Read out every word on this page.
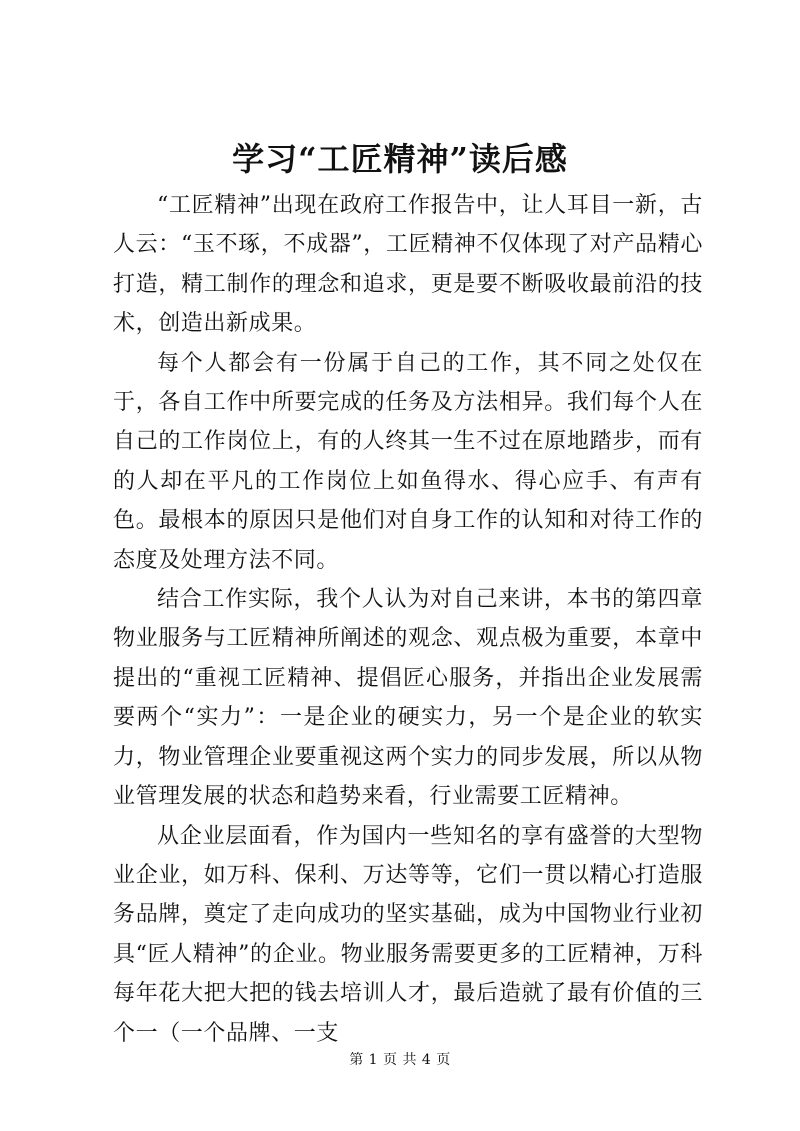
学习“工匠精神”读后感

“工匠精神”出现在政府工作报告中，让人耳目一新，古人云：“玉不琢，不成器”，工匠精神不仅体现了对产品精心打造，精工制作的理念和追求，更是要不断吸收最前沿的技术，创造出新成果。

每个人都会有一份属于自己的工作，其不同之处仅在于，各自工作中所要完成的任务及方法相异。我们每个人在自己的工作岗位上，有的人终其一生不过在原地踏步，而有的人却在平凡的工作岗位上如鱼得水、得心应手、有声有色。最根本的原因只是他们对自身工作的认知和对待工作的态度及处理方法不同。

结合工作实际，我个人认为对自己来讲，本书的第四章物业服务与工匠精神所阐述的观念、观点极为重要，本章中提出的“重视工匠精神、提倡匠心服务，并指出企业发展需要两个“实力”：一是企业的硬实力，另一个是企业的软实力，物业管理企业要重视这两个实力的同步发展，所以从物业管理发展的状态和趋势来看，行业需要工匠精神。

从企业层面看，作为国内一些知名的享有盛誉的大型物业企业，如万科、保利、万达等等，它们一贯以精心打造服务品牌，奠定了走向成功的坚实基础，成为中国物业行业初具“匠人精神”的企业。物业服务需要更多的工匠精神，万科每年花大把大把的钱去培训人才，最后造就了最有价值的三个一（一个品牌、一支

第 1 页 共 4 页
